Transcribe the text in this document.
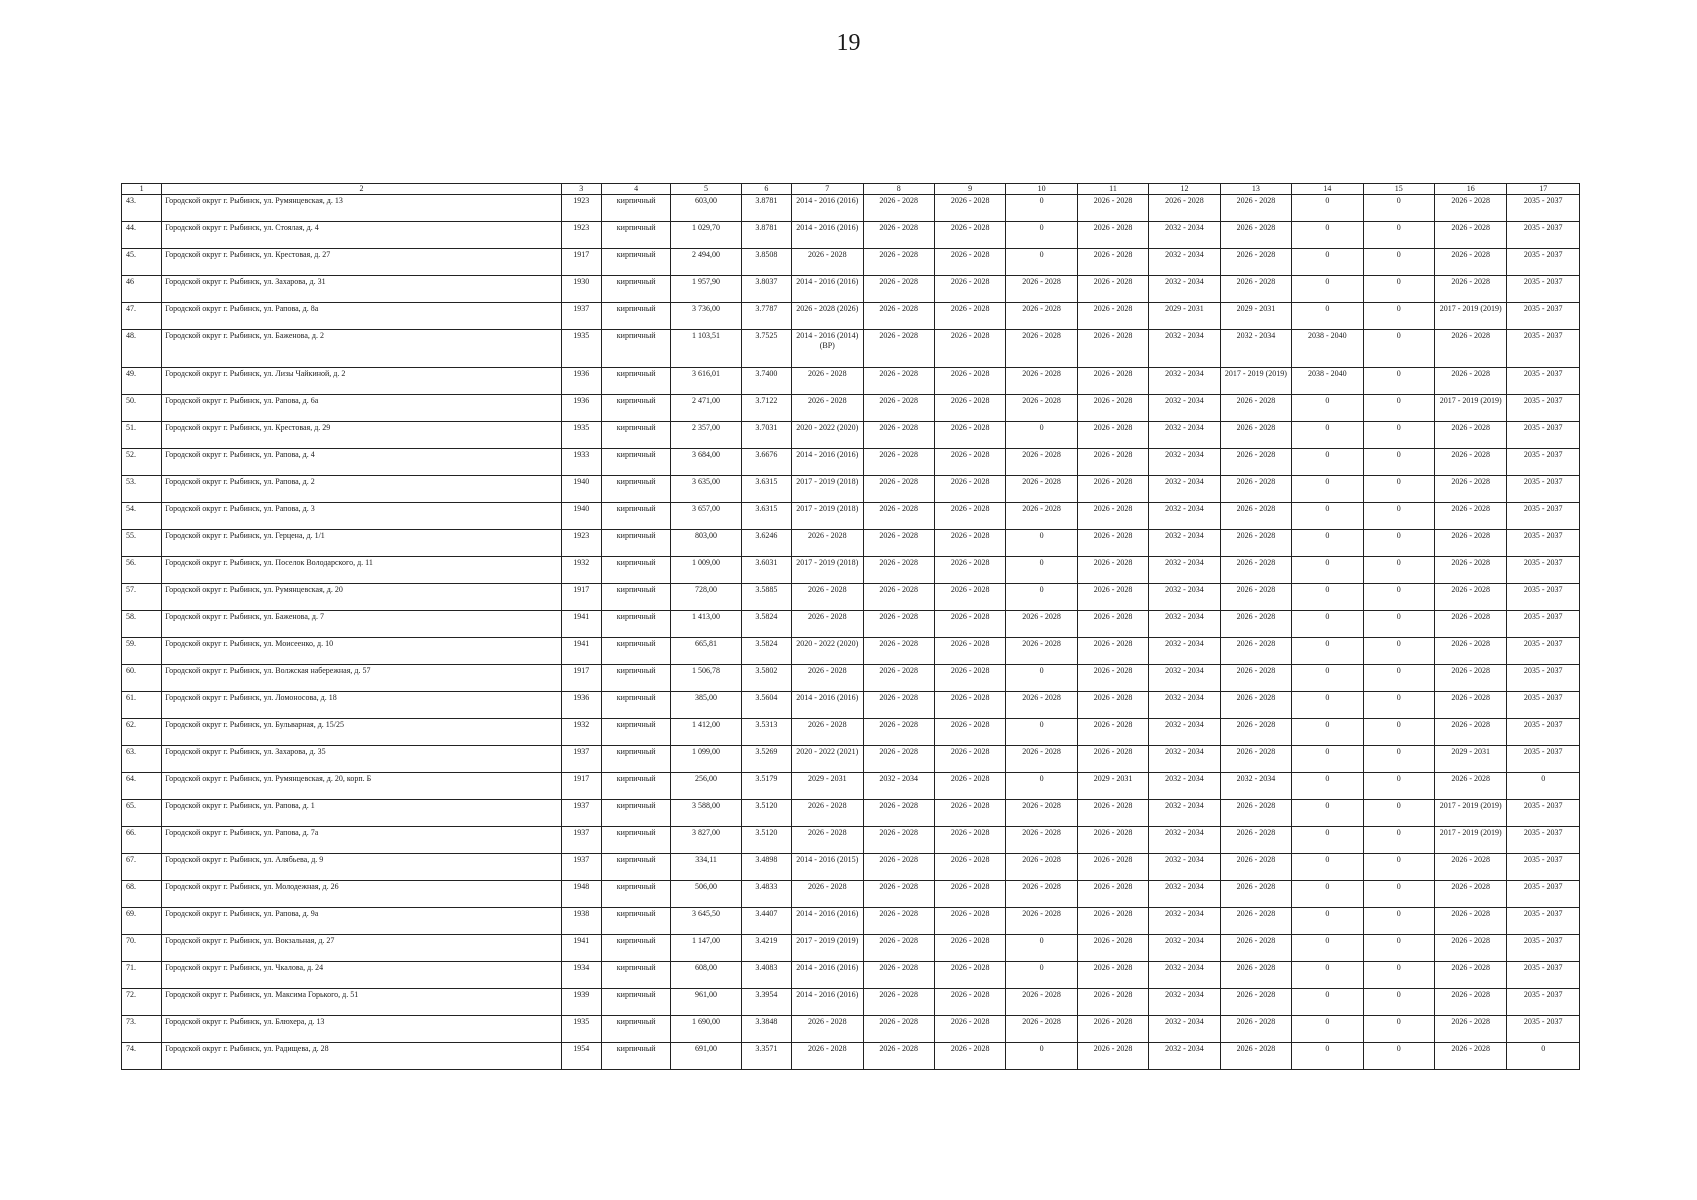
19
1	2	3	4	5	6	7	8	9	10	11	12	13	14	15	16	17
43.	Городской округ г. Рыбинск, ул. Румянцевская, д. 13	1923	кирпичный	603,00	3.8781	2014 - 2016 (2016)	2026 - 2028	2026 - 2028	0	2026 - 2028	2026 - 2028	2026 - 2028	0	0	2026 - 2028	2035 - 2037
44.	Городской округ г. Рыбинск, ул. Стоялая, д. 4	1923	кирпичный	1 029,70	3.8781	2014 - 2016 (2016)	2026 - 2028	2026 - 2028	0	2026 - 2028	2032 - 2034	2026 - 2028	0	0	2026 - 2028	2035 - 2037
45.	Городской округ г. Рыбинск, ул. Крестовая, д. 27	1917	кирпичный	2 494,00	3.8508	2026 - 2028	2026 - 2028	2026 - 2028	0	2026 - 2028	2032 - 2034	2026 - 2028	0	0	2026 - 2028	2035 - 2037
46	Городской округ г. Рыбинск, ул. Захарова, д. 31	1930	кирпичный	1 957,90	3.8037	2014 - 2016 (2016)	2026 - 2028	2026 - 2028	2026 - 2028	2026 - 2028	2032 - 2034	2026 - 2028	0	0	2026 - 2028	2035 - 2037
47.	Городской округ г. Рыбинск, ул. Рапова, д. 8а	1937	кирпичный	3 736,00	3.7787	2026 - 2028 (2026)	2026 - 2028	2026 - 2028	2026 - 2028	2026 - 2028	2029 - 2031	2029 - 2031	0	0	2017 - 2019 (2019)	2035 - 2037
48.	Городской округ г. Рыбинск, ул. Баженова, д. 2	1935	кирпичный	1 103,51	3.7525	2014 - 2016 (2014) (ВР)	2026 - 2028	2026 - 2028	2026 - 2028	2026 - 2028	2032 - 2034	2032 - 2034	2038 - 2040	0	2026 - 2028	2035 - 2037
49.	Городской округ г. Рыбинск, ул. Лизы Чайкиной, д. 2	1936	кирпичный	3 616,01	3.7400	2026 - 2028	2026 - 2028	2026 - 2028	2026 - 2028	2026 - 2028	2032 - 2034	2017 - 2019 (2019)	2038 - 2040	0	2026 - 2028	2035 - 2037
50.	Городской округ г. Рыбинск, ул. Рапова, д. 6а	1936	кирпичный	2 471,00	3.7122	2026 - 2028	2026 - 2028	2026 - 2028	2026 - 2028	2026 - 2028	2032 - 2034	2026 - 2028	0	0	2017 - 2019 (2019)	2035 - 2037
51.	Городской округ г. Рыбинск, ул. Крестовая, д. 29	1935	кирпичный	2 357,00	3.7031	2020 - 2022 (2020)	2026 - 2028	2026 - 2028	0	2026 - 2028	2032 - 2034	2026 - 2028	0	0	2026 - 2028	2035 - 2037
52.	Городской округ г. Рыбинск, ул. Рапова, д. 4	1933	кирпичный	3 684,00	3.6676	2014 - 2016 (2016)	2026 - 2028	2026 - 2028	2026 - 2028	2026 - 2028	2032 - 2034	2026 - 2028	0	0	2026 - 2028	2035 - 2037
53.	Городской округ г. Рыбинск, ул. Рапова, д. 2	1940	кирпичный	3 635,00	3.6315	2017 - 2019 (2018)	2026 - 2028	2026 - 2028	2026 - 2028	2026 - 2028	2032 - 2034	2026 - 2028	0	0	2026 - 2028	2035 - 2037
54.	Городской округ г. Рыбинск, ул. Рапова, д. 3	1940	кирпичный	3 657,00	3.6315	2017 - 2019 (2018)	2026 - 2028	2026 - 2028	2026 - 2028	2026 - 2028	2032 - 2034	2026 - 2028	0	0	2026 - 2028	2035 - 2037
55.	Городской округ г. Рыбинск, ул. Герцена, д. 1/1	1923	кирпичный	803,00	3.6246	2026 - 2028	2026 - 2028	2026 - 2028	0	2026 - 2028	2032 - 2034	2026 - 2028	0	0	2026 - 2028	2035 - 2037
56.	Городской округ г. Рыбинск, ул. Поселок Володарского, д. 11	1932	кирпичный	1 009,00	3.6031	2017 - 2019 (2018)	2026 - 2028	2026 - 2028	0	2026 - 2028	2032 - 2034	2026 - 2028	0	0	2026 - 2028	2035 - 2037
57.	Городской округ г. Рыбинск, ул. Румянцевская, д. 20	1917	кирпичный	728,00	3.5885	2026 - 2028	2026 - 2028	2026 - 2028	0	2026 - 2028	2032 - 2034	2026 - 2028	0	0	2026 - 2028	2035 - 2037
58.	Городской округ г. Рыбинск, ул. Баженова, д. 7	1941	кирпичный	1 413,00	3.5824	2026 - 2028	2026 - 2028	2026 - 2028	2026 - 2028	2026 - 2028	2032 - 2034	2026 - 2028	0	0	2026 - 2028	2035 - 2037
59.	Городской округ г. Рыбинск, ул. Моисеенко, д. 10	1941	кирпичный	665,81	3.5824	2020 - 2022 (2020)	2026 - 2028	2026 - 2028	2026 - 2028	2026 - 2028	2032 - 2034	2026 - 2028	0	0	2026 - 2028	2035 - 2037
60.	Городской округ г. Рыбинск, ул. Волжская набережная, д. 57	1917	кирпичный	1 506,78	3.5802	2026 - 2028	2026 - 2028	2026 - 2028	0	2026 - 2028	2032 - 2034	2026 - 2028	0	0	2026 - 2028	2035 - 2037
61.	Городской округ г. Рыбинск, ул. Ломоносова, д. 18	1936	кирпичный	385,00	3.5604	2014 - 2016 (2016)	2026 - 2028	2026 - 2028	2026 - 2028	2026 - 2028	2032 - 2034	2026 - 2028	0	0	2026 - 2028	2035 - 2037
62.	Городской округ г. Рыбинск, ул. Бульварная, д. 15/25	1932	кирпичный	1 412,00	3.5313	2026 - 2028	2026 - 2028	2026 - 2028	0	2026 - 2028	2032 - 2034	2026 - 2028	0	0	2026 - 2028	2035 - 2037
63.	Городской округ г. Рыбинск, ул. Захарова, д. 35	1937	кирпичный	1 099,00	3.5269	2020 - 2022 (2021)	2026 - 2028	2026 - 2028	2026 - 2028	2026 - 2028	2032 - 2034	2026 - 2028	0	0	2029 - 2031	2035 - 2037
64.	Городской округ г. Рыбинск, ул. Румянцевская, д. 20, корп. Б	1917	кирпичный	256,00	3.5179	2029 - 2031	2032 - 2034	2026 - 2028	0	2029 - 2031	2032 - 2034	2032 - 2034	0	0	2026 - 2028	0
65.	Городской округ г. Рыбинск, ул. Рапова, д. 1	1937	кирпичный	3 588,00	3.5120	2026 - 2028	2026 - 2028	2026 - 2028	2026 - 2028	2026 - 2028	2032 - 2034	2026 - 2028	0	0	2017 - 2019 (2019)	2035 - 2037
66.	Городской округ г. Рыбинск, ул. Рапова, д. 7а	1937	кирпичный	3 827,00	3.5120	2026 - 2028	2026 - 2028	2026 - 2028	2026 - 2028	2026 - 2028	2032 - 2034	2026 - 2028	0	0	2017 - 2019 (2019)	2035 - 2037
67.	Городской округ г. Рыбинск, ул. Алябьева, д. 9	1937	кирпичный	334,11	3.4898	2014 - 2016 (2015)	2026 - 2028	2026 - 2028	2026 - 2028	2026 - 2028	2032 - 2034	2026 - 2028	0	0	2026 - 2028	2035 - 2037
68.	Городской округ г. Рыбинск, ул. Молодежная, д. 26	1948	кирпичный	506,00	3.4833	2026 - 2028	2026 - 2028	2026 - 2028	2026 - 2028	2026 - 2028	2032 - 2034	2026 - 2028	0	0	2026 - 2028	2035 - 2037
69.	Городской округ г. Рыбинск, ул. Рапова, д. 9а	1938	кирпичный	3 645,50	3.4407	2014 - 2016 (2016)	2026 - 2028	2026 - 2028	2026 - 2028	2026 - 2028	2032 - 2034	2026 - 2028	0	0	2026 - 2028	2035 - 2037
70.	Городской округ г. Рыбинск, ул. Вокзальная, д. 27	1941	кирпичный	1 147,00	3.4219	2017 - 2019 (2019)	2026 - 2028	2026 - 2028	0	2026 - 2028	2032 - 2034	2026 - 2028	0	0	2026 - 2028	2035 - 2037
71.	Городской округ г. Рыбинск, ул. Чкалова, д. 24	1934	кирпичный	608,00	3.4083	2014 - 2016 (2016)	2026 - 2028	2026 - 2028	0	2026 - 2028	2032 - 2034	2026 - 2028	0	0	2026 - 2028	2035 - 2037
72.	Городской округ г. Рыбинск, ул. Максима Горького, д. 51	1939	кирпичный	961,00	3.3954	2014 - 2016 (2016)	2026 - 2028	2026 - 2028	2026 - 2028	2026 - 2028	2032 - 2034	2026 - 2028	0	0	2026 - 2028	2035 - 2037
73.	Городской округ г. Рыбинск, ул. Блюхера, д. 13	1935	кирпичный	1 690,00	3.3848	2026 - 2028	2026 - 2028	2026 - 2028	2026 - 2028	2026 - 2028	2032 - 2034	2026 - 2028	0	0	2026 - 2028	2035 - 2037
74.	Городской округ г. Рыбинск, ул. Радищева, д. 28	1954	кирпичный	691,00	3.3571	2026 - 2028	2026 - 2028	2026 - 2028	0	2026 - 2028	2032 - 2034	2026 - 2028	0	0	2026 - 2028	0
